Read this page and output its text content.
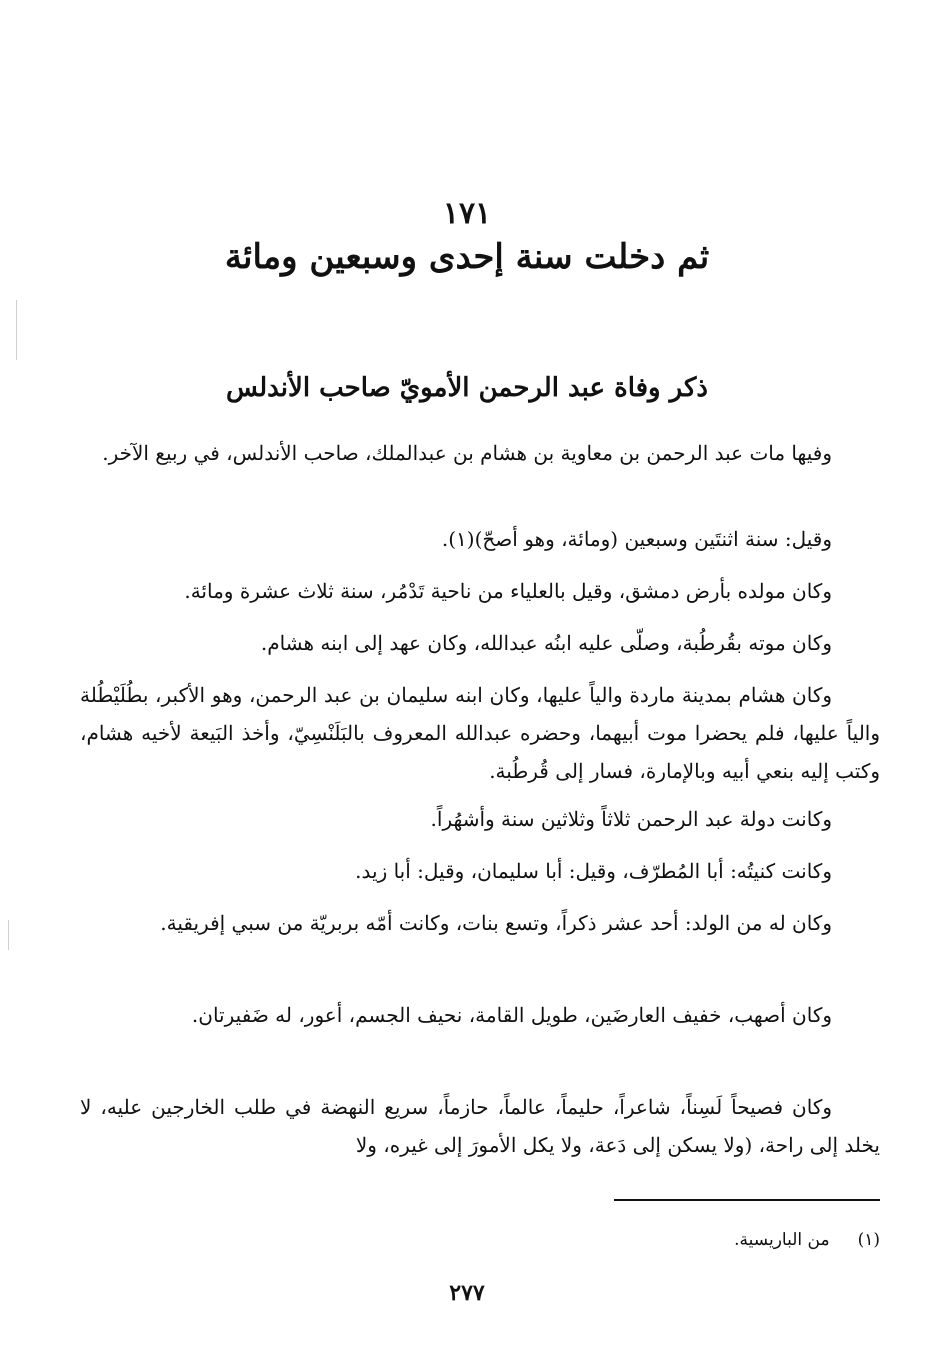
١٧١
ثم دخلت سنة إحدى وسبعين ومائة
ذكر وفاة عبد الرحمن الأمويّ صاحب الأندلس

وفيها مات عبد الرحمن بن معاوية بن هشام بن عبدالملك، صاحب الأندلس، في ربيع الآخر.

وقيل: سنة اثنتَين وسبعين (ومائة، وهو أصحّ)(١).

وكان مولده بأرض دمشق، وقيل بالعلياء من ناحية تَدْمُر، سنة ثلاث عشرة ومائة.

وكان موته بقُرطُبة، وصلّى عليه ابنُه عبدالله، وكان عهد إلى ابنه هشام.

وكان هشام بمدينة ماردة والياً عليها، وكان ابنه سليمان بن عبد الرحمن، وهو الأكبر، بطُلَيْطُلة والياً عليها، فلم يحضرا موت أبيهما، وحضره عبدالله المعروف بالبَلَنْسِيّ، وأخذ البَيعة لأخيه هشام، وكتب إليه بنعي أبيه وبالإمارة، فسار إلى قُرطُبة.

وكانت دولة عبد الرحمن ثلاثاً وثلاثين سنة وأشهُراً.

وكانت كنيتُه: أبا المُطرّف، وقيل: أبا سليمان، وقيل: أبا زيد.

وكان له من الولد: أحد عشر ذكراً، وتسع بنات، وكانت أمّه بربريّة من سبي إفريقية.

وكان أصهب، خفيف العارضَين، طويل القامة، نحيف الجسم، أعور، له ضَفيرتان.

وكان فصيحاً لَسِناً، شاعراً، حليماً، عالماً، حازماً، سريع النهضة في طلب الخارجين عليه، لا يخلد إلى راحة، (ولا يسكن إلى دَعة، ولا يكل الأمورَ إلى غيره، ولا

(١)من الباريسية.
٢٧٧
